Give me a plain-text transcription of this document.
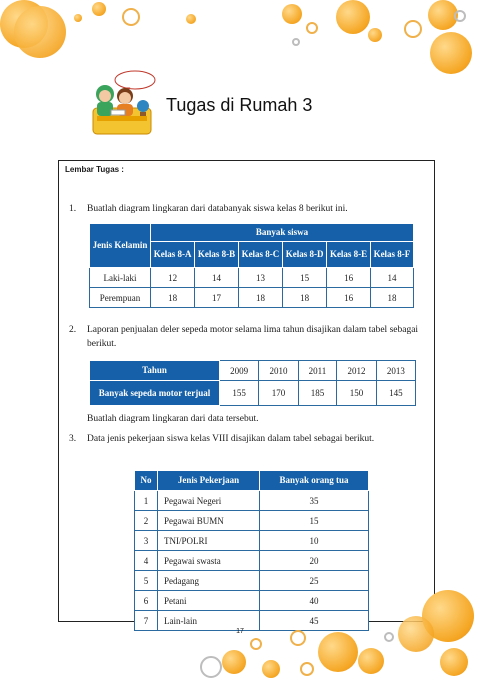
Tugas di Rumah 3
Lembar Tugas :
1.	Buatlah diagram lingkaran dari databanyak siswa kelas 8 berikut ini.
Jenis Kelamin	Banyak siswa					
	Kelas 8-A	Kelas 8-B	Kelas 8-C	Kelas 8-D	Kelas 8-E	Kelas 8-F
Laki-laki	12	14	13	15	16	14
Perempuan	18	17	18	18	16	18
2.	Laporan penjualan deler sepeda motor selama lima tahun disajikan dalam tabel sebagai berikut.
Tahun	2009	2010	2011	2012	2013
Banyak sepeda motor terjual	155	170	185	150	145
Buatlah diagram lingkaran dari data tersebut.
3.	Data jenis pekerjaan siswa kelas VIII disajikan dalam tabel sebagai berikut.
No	Jenis Pekerjaan	Banyak orang tua
1	Pegawai Negeri	35
2	Pegawai BUMN	15
3	TNI/POLRI	10
4	Pegawai swasta	20
5	Pedagang	25
6	Petani	40
7	Lain-lain	45
17
